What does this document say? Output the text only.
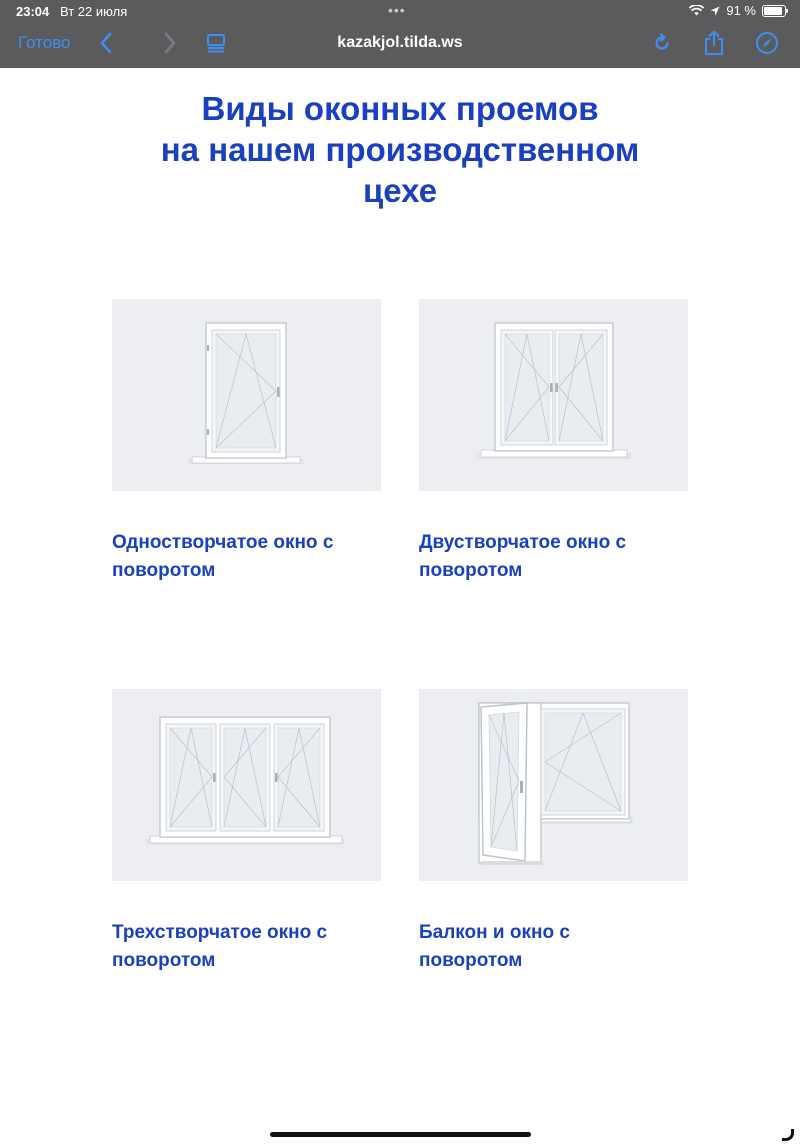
23:04 Вт 22 июля	•••	91 %
Готово	kazakjol.tilda.ws
Виды оконных проемов
на нашем производственном
цехе
Одностворчатое окно с
поворотом
Двустворчатое окно с
поворотом
Трехстворчатое окно с
поворотом
Балкон и окно с
поворотом
